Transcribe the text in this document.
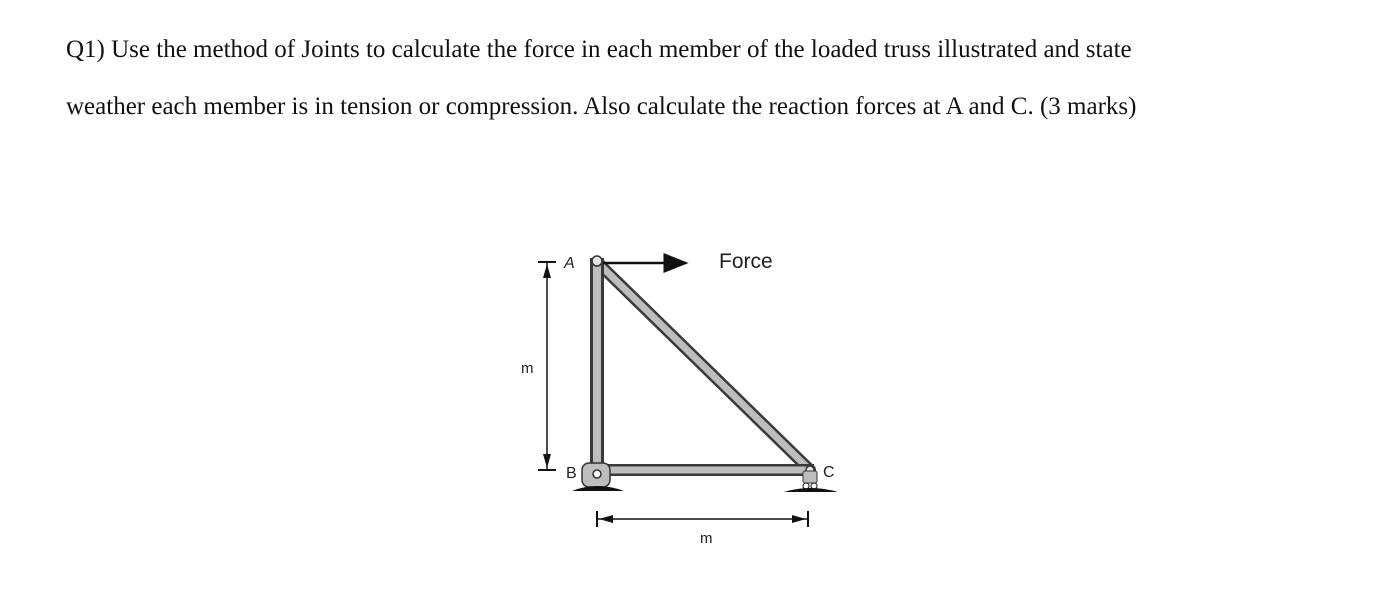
Q1) Use the method of Joints to calculate the force in each member of the loaded truss illustrated and state
weather each member is in tension or compression. Also calculate the reaction forces at A and C. (3 marks)
m
Force
A
B	C
m
